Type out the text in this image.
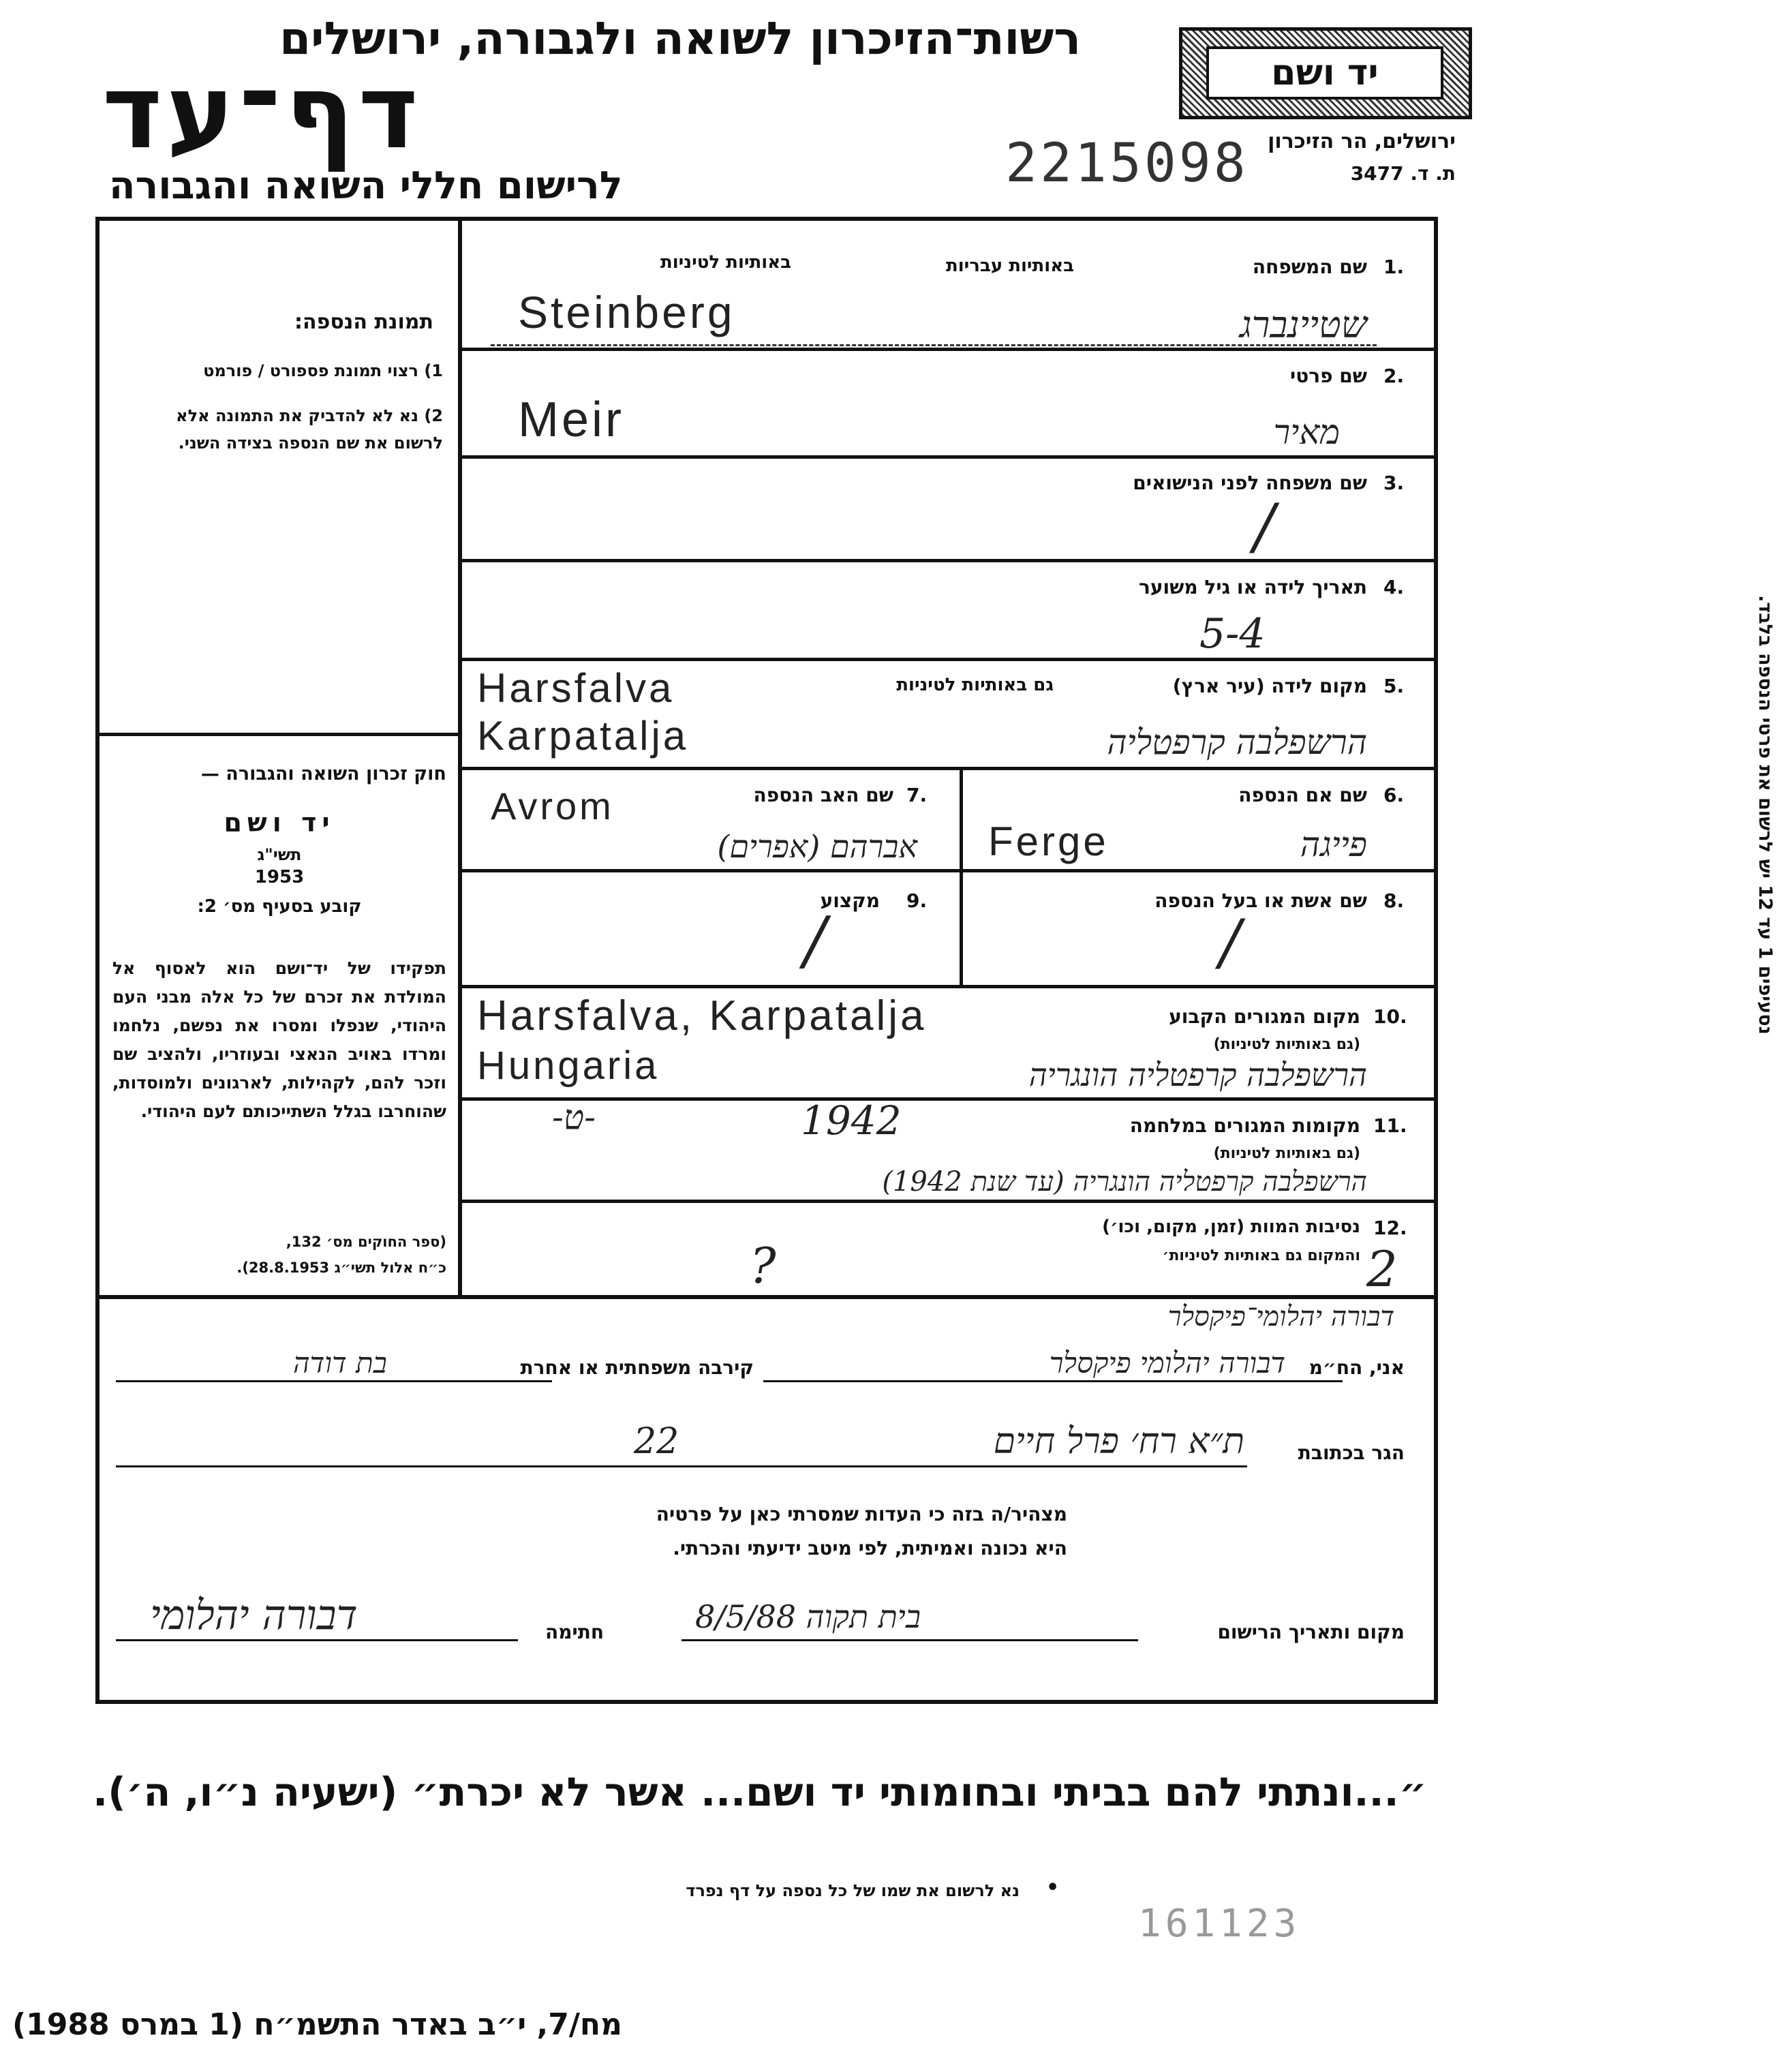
רשות־הזיכרון לשואה ולגבורה, ירושלים
דף־עד
לרישום חללי השואה והגבורה
יד ושם
ירושלים, הר הזיכרון
ת. ד. 3477
2215098
תמונת הנספה:
1) רצוי תמונת פספורט / פורמט
2) נא לא להדביק את התמונה אלא לרשום את שם הנספה בצידה השני.
חוק זכרון השואה והגבורה —
יד ושם
תשי"ג
1953
קובע בסעיף מס׳ 2:
תפקידו של יד־ושם הוא לאסוף אל המולדת את זכרם של כל אלה מבני העם היהודי, שנפלו ומסרו את נפשם, נלחמו ומרדו באויב הנאצי ובעוזריו, ולהציב שם וזכר להם, לקהילות, לארגונים ולמוסדות, שהוחרבו בגלל השתייכותם לעם היהודי.
(ספר החוקים מס׳ 132,
כ״ח אלול תשי״ג 28.8.1953).
1.
שם המשפחה
באותיות עבריות
באותיות לטיניות
Steinberg	שטיינברג
2.
שם פרטי
Meir	מאיר
3.
שם משפחה לפני הנישואים
/
4.
תאריך לידה או גיל משוער
5-4
5.
מקום לידה (עיר ארץ)
גם באותיות לטיניות
Harsfalva
Karpatalja	הרשפלבה קרפטליה
6.
שם אם הנספה
Ferge	פייגה
7.
שם האב הנספה
Avrom
אברהם (אפרים)
8.
שם אשת או בעל הנספה
/
9.
מקצוע
/
10.
מקום המגורים הקבוע
(גם באותיות לטיניות)
Harsfalva, Karpatalja
Hungaria	הרשפלבה קרפטליה הונגריה
11.
מקומות המגורים במלחמה
(גם באותיות לטיניות)
-ט-	1942
הרשפלבה קרפטליה הונגריה (עד שנת 1942)
12.
נסיבות המוות (זמן, מקום, וכו׳)
והמקום גם באותיות לטיניות׳
?	2
נסעיפים 1 עד 12 יש לרשום את פרטי הנספה בלבד.
דבורה יהלומי־פיקסלר
אני, הח״מ
דבורה יהלומי פיקסלר
קירבה משפחתית או אחרת
בת דודה
הגר בכתובת
ת״א רח׳ פרל חיים
22
מצהיר/ה בזה כי העדות שמסרתי כאן על פרטיה
היא נכונה ואמיתית, לפי מיטב ידיעתי והכרתי.
מקום ותאריך הרישום
בית תקוה 8/5/88
חתימה
דבורה יהלומי
״...ונתתי להם בביתי ובחומותי יד ושם... אשר לא יכרת״ (ישעיה נ״ו, ה׳).
•
נא לרשום את שמו של כל נספה על דף נפרד
161123
מח/7, י״ב באדר התשמ״ח (1 במרס 1988)
